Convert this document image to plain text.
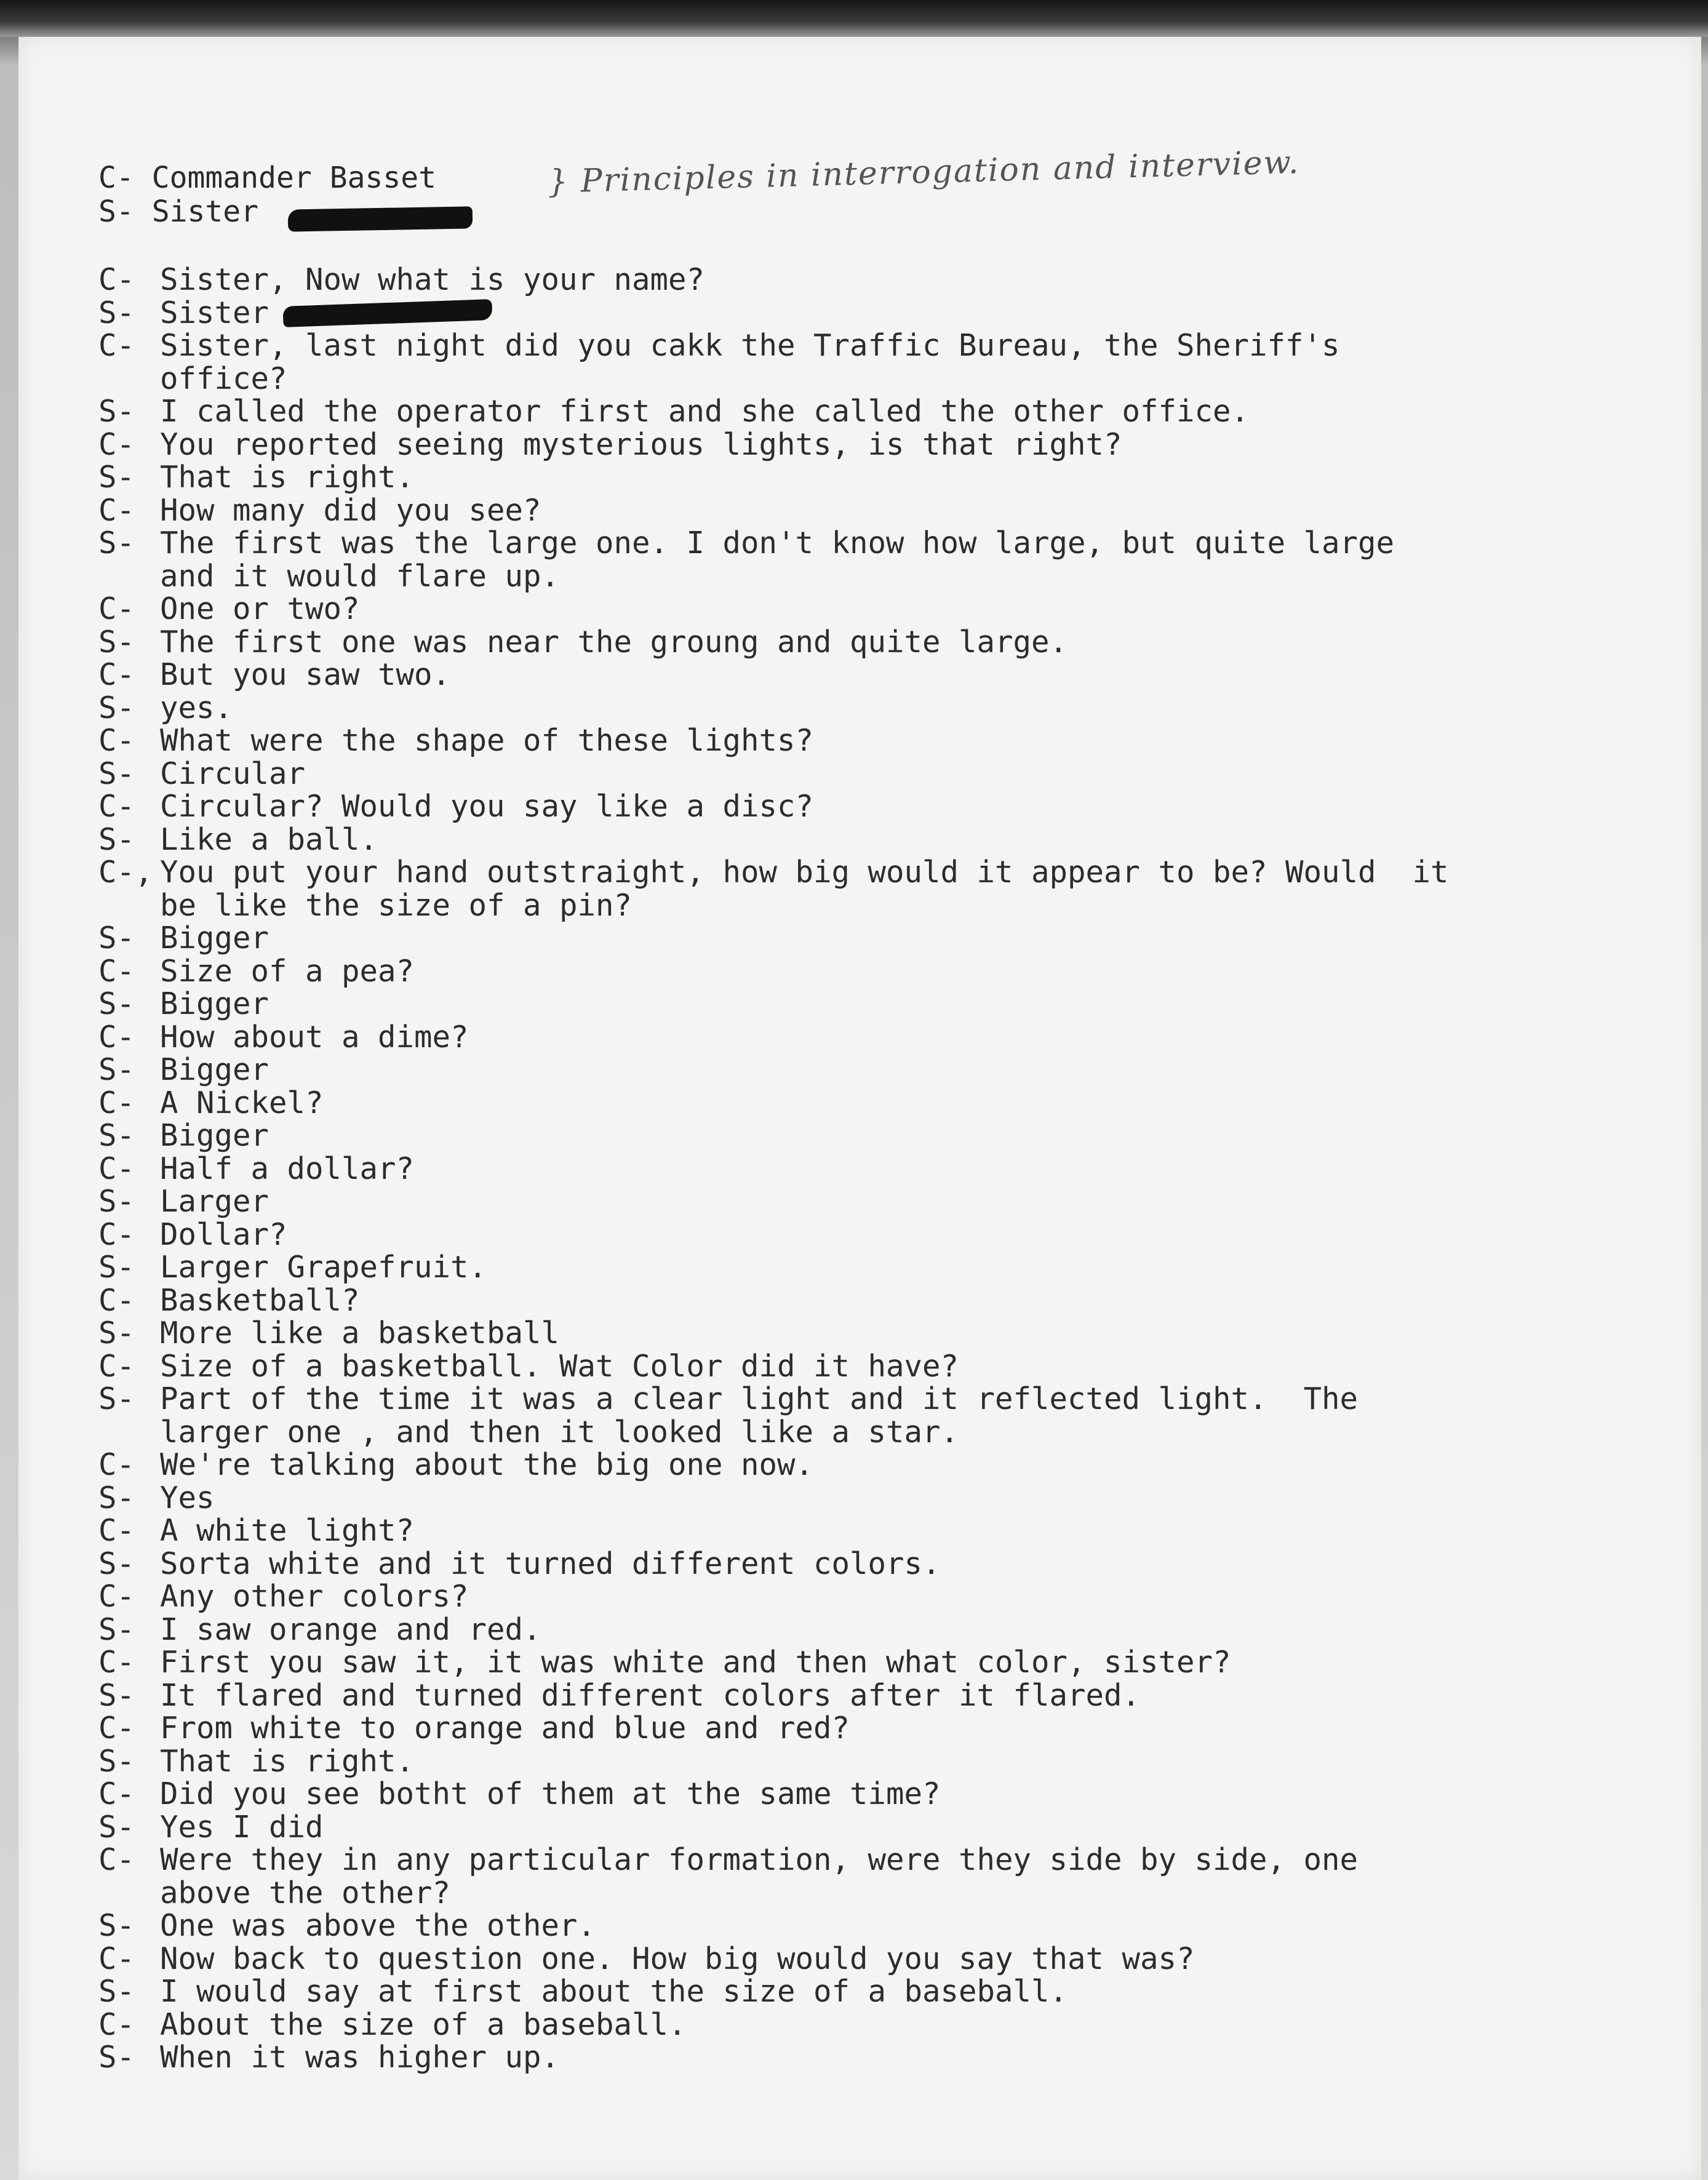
C- Commander Basset
S- Sister
} Principles in interrogation and interview.
C- Sister, Now what is your name?
S- Sister
C- Sister, last night did you cakk the Traffic Bureau, the Sheriff's
office?
S- I called the operator first and she called the other office.
C- You reported seeing mysterious lights, is that right?
S- That is right.
C- How many did you see?
S- The first was the large one. I don't know how large, but quite large
and it would flare up.
C- One or two?
S- The first one was near the groung and quite large.
C- But you saw two.
S- yes.
C- What were the shape of these lights?
S- Circular
C- Circular? Would you say like a disc?
S- Like a ball.
C-, You put your hand outstraight, how big would it appear to be? Would  it
be like the size of a pin?
S- Bigger
C- Size of a pea?
S- Bigger
C- How about a dime?
S- Bigger
C- A Nickel?
S- Bigger
C- Half a dollar?
S- Larger
C- Dollar?
S- Larger Grapefruit.
C- Basketball?
S- More like a basketball
C- Size of a basketball. Wat Color did it have?
S- Part of the time it was a clear light and it reflected light.  The
larger one , and then it looked like a star.
C- We're talking about the big one now.
S- Yes
C- A white light?
S- Sorta white and it turned different colors.
C- Any other colors?
S- I saw orange and red.
C- First you saw it, it was white and then what color, sister?
S- It flared and turned different colors after it flared.
C- From white to orange and blue and red?
S- That is right.
C- Did you see botht of them at the same time?
S- Yes I did
C- Were they in any particular formation, were they side by side, one
above the other?
S- One was above the other.
C- Now back to question one. How big would you say that was?
S- I would say at first about the size of a baseball.
C- About the size of a baseball.
S- When it was higher up.
